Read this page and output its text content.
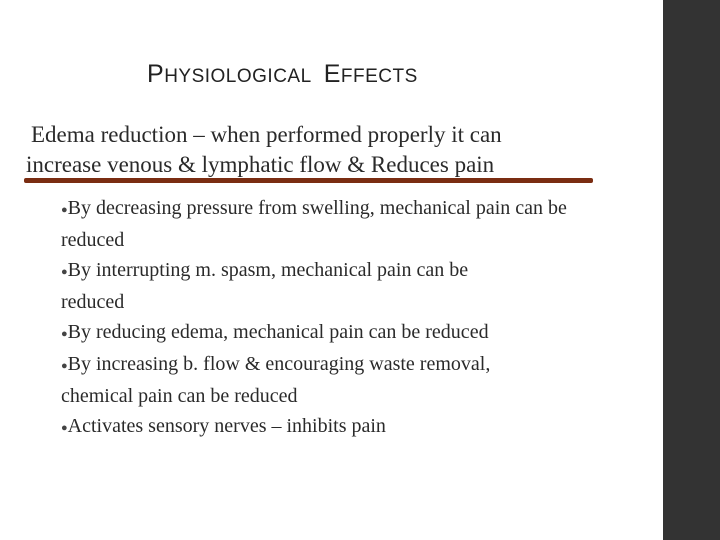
PHYSIOLOGICAL EFFECTS
Edema reduction – when performed properly it can
increase venous & lymphatic flow & Reduces pain
●By decreasing pressure from swelling, mechanical pain can be
reduced
●By interrupting m. spasm, mechanical pain can be
reduced
●By reducing edema, mechanical pain can be reduced
●By increasing b. flow & encouraging waste removal,
chemical pain can be reduced
●Activates sensory nerves – inhibits pain
